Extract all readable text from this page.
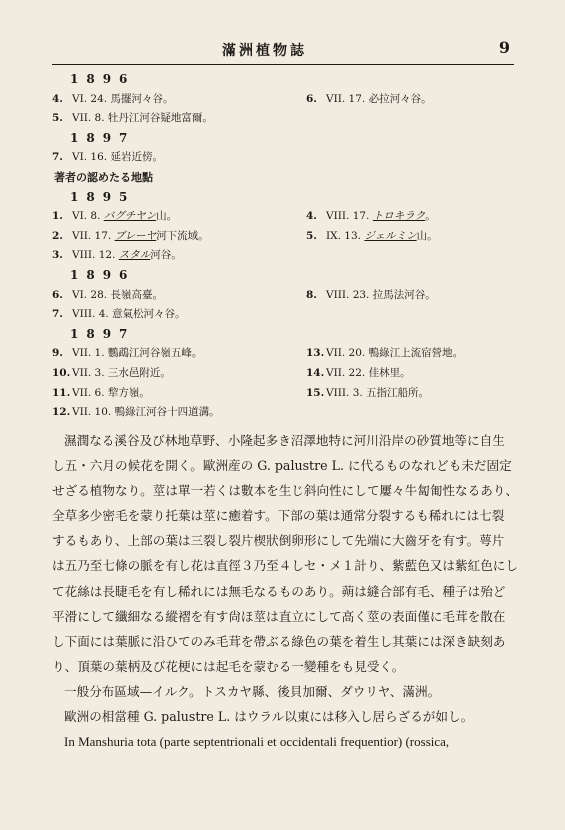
滿洲植物誌	9
1896
4. VI. 24. 馬擺河々谷。	6. VII. 17. 必拉河々谷。
5. VII. 8. 牡丹江河谷疑地富爾。
1897
7. VI. 16. 延岩近傍。
著者の認めたる地點
1895
1. VI. 8. バグチヤン山。	4. VIII. 17. トロキラク。
2. VII. 17. ブレーヤ河下流域。	5. IX. 13. ジェルミン山。
3. VIII. 12. スタル河谷。
1896
6. VI. 28. 長嶺高臺。	8. VIII. 23. 拉馬法河谷。
7. VIII. 4. 意氣松河々谷。
1897
9. VII. 1. 鸚鵡江河谷嶺五峰。	13. VII. 20. 鴨綠江上流宿營地。
10. VII. 3. 三水邑附近。	14. VII. 22. 佳林里。
11. VII. 6. 犂方嶺。	15. VIII. 3. 五指江船所。
12. VII. 10. 鴨綠江河谷十四道溝。

濕潤なる溪谷及び林地草野、小隆起多き沼澤地特に河川沿岸の砂質地等に自生

し五・六月の候花を開く。歐洲産の G. palustre L. に代るものなれども未だ固定

せざる植物なり。莖は單一若くは數本を生じ斜向性にして屢々牛匐匍性なるあり、

全草多少密毛を蒙り托葉は莖に癒着す。下部の葉は通常分裂するも稀れには七裂

するもあり、上部の葉は三裂し裂片楔狀倒卵形にして先端に大齒牙を有す。萼片

は五乃至七條の脈を有し花は直徑３乃至４しセ・メ１計り、紫藍色又は紫紅色にし

て花絲は長睫毛を有し稀れには無毛なるものあり。蒴は縫合部有毛、種子は殆ど

平滑にして纖細なる縱褶を有す尙ほ莖は直立にして高く莖の表面僅に毛茸を散在

し下面には葉脈に沿ひてのみ毛茸を帶ぶる綠色の葉を着生し其葉には深き缺刻あ

り、頂葉の葉柄及び花梗には起毛を蒙むる一變種をも見受く。

一般分布區域—イルク。トスカヤ縣、後貝加爾、ダウリヤ、滿洲。

歐洲の相當種 G. palustre L. はウラル以東には移入し居らざるが如し。

In Manshuria tota (parte septentrionali et occidentali frequentior) (rossica,
